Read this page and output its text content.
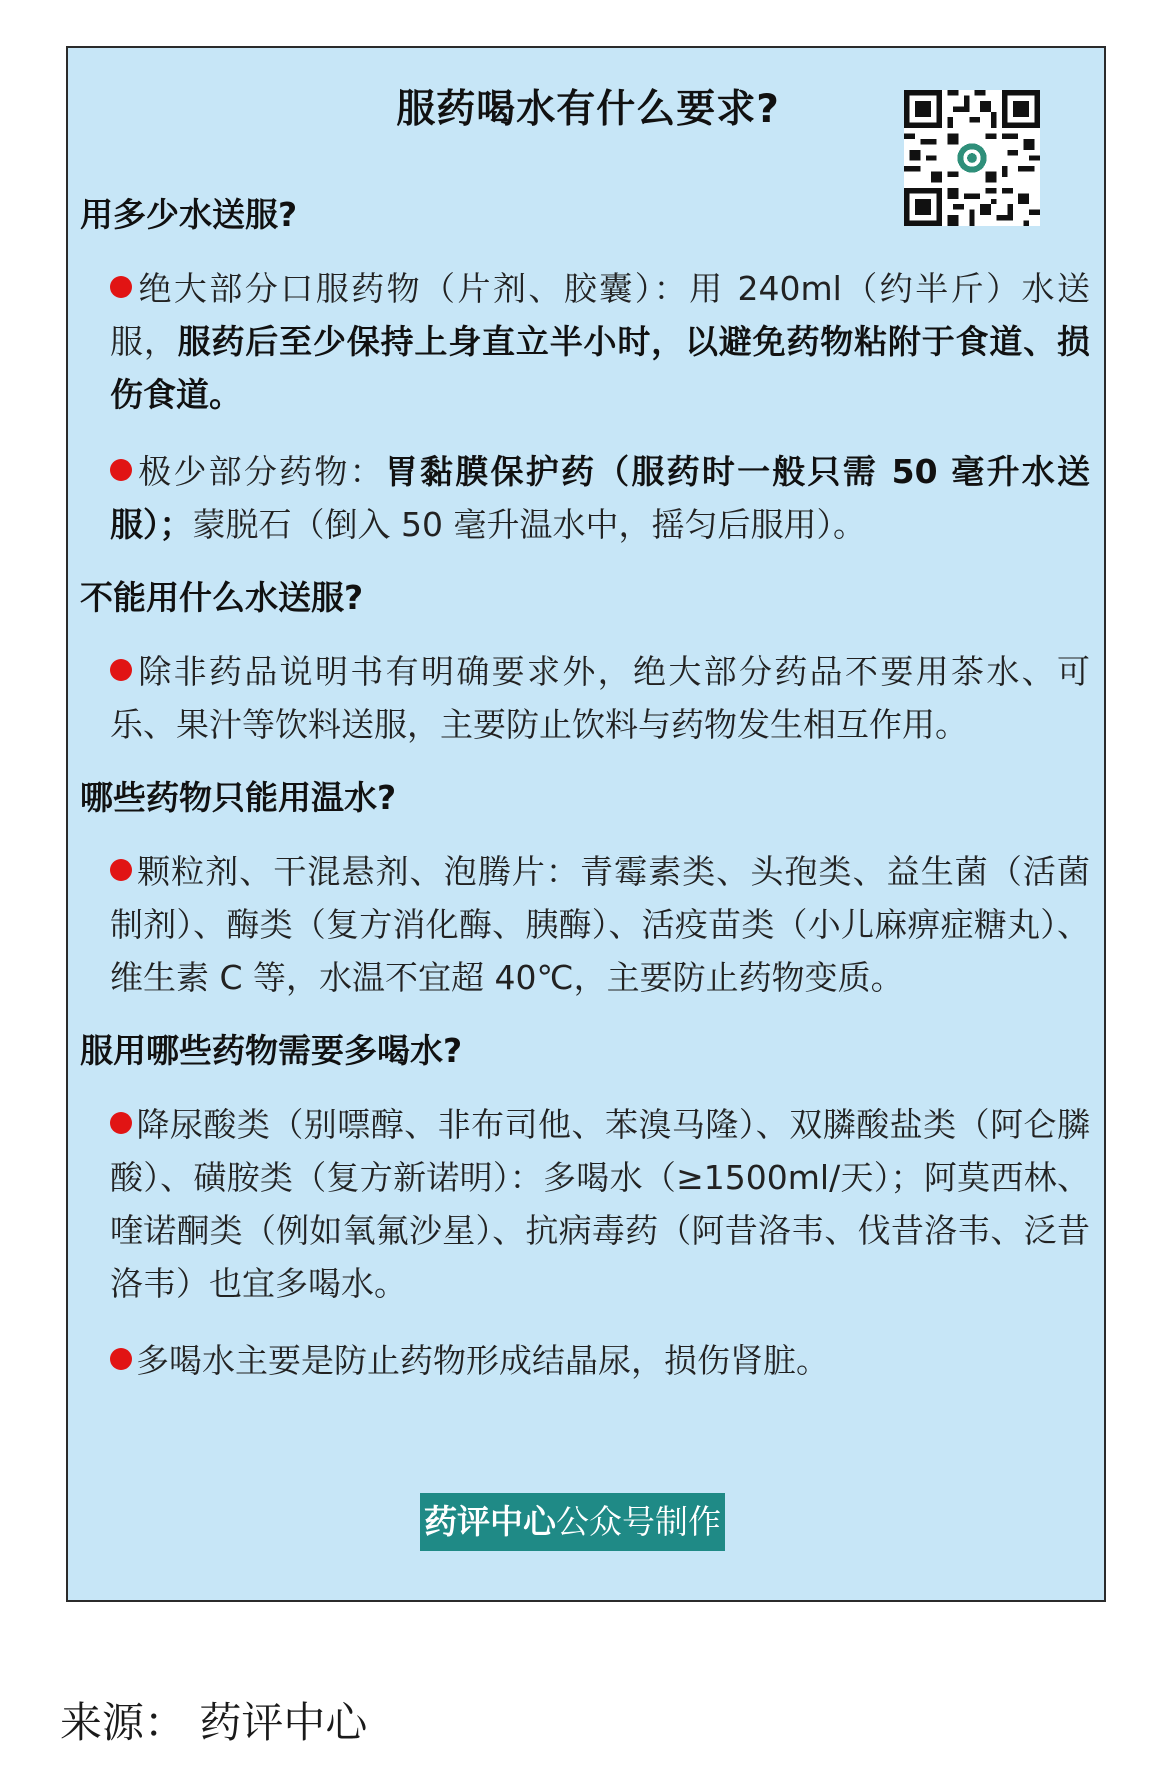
服药喝水有什么要求?
用多少水送服?

绝大部分口服药物（片剂、胶囊）：用 240ml（约半斤）水送服，服药后至少保持上身直立半小时，以避免药物粘附于食道、损伤食道。

极少部分药物：胃黏膜保护药（服药时一般只需 50 毫升水送服）；蒙脱石（倒入 50 毫升温水中，摇匀后服用）。

不能用什么水送服?

除非药品说明书有明确要求外，绝大部分药品不要用茶水、可乐、果汁等饮料送服，主要防止饮料与药物发生相互作用。

哪些药物只能用温水?

颗粒剂、干混悬剂、泡腾片：青霉素类、头孢类、益生菌（活菌制剂）、酶类（复方消化酶、胰酶）、活疫苗类（小儿麻痹症糖丸）、维生素 C 等，水温不宜超 40℃，主要防止药物变质。

服用哪些药物需要多喝水?

降尿酸类（别嘌醇、非布司他、苯溴马隆）、双膦酸盐类（阿仑膦酸）、磺胺类（复方新诺明）：多喝水（≥1500ml/天）；阿莫西林、喹诺酮类（例如氧氟沙星）、抗病毒药（阿昔洛韦、伐昔洛韦、泛昔洛韦）也宜多喝水。

多喝水主要是防止药物形成结晶尿，损伤肾脏。

药评中心公众号制作
来源： 药评中心
